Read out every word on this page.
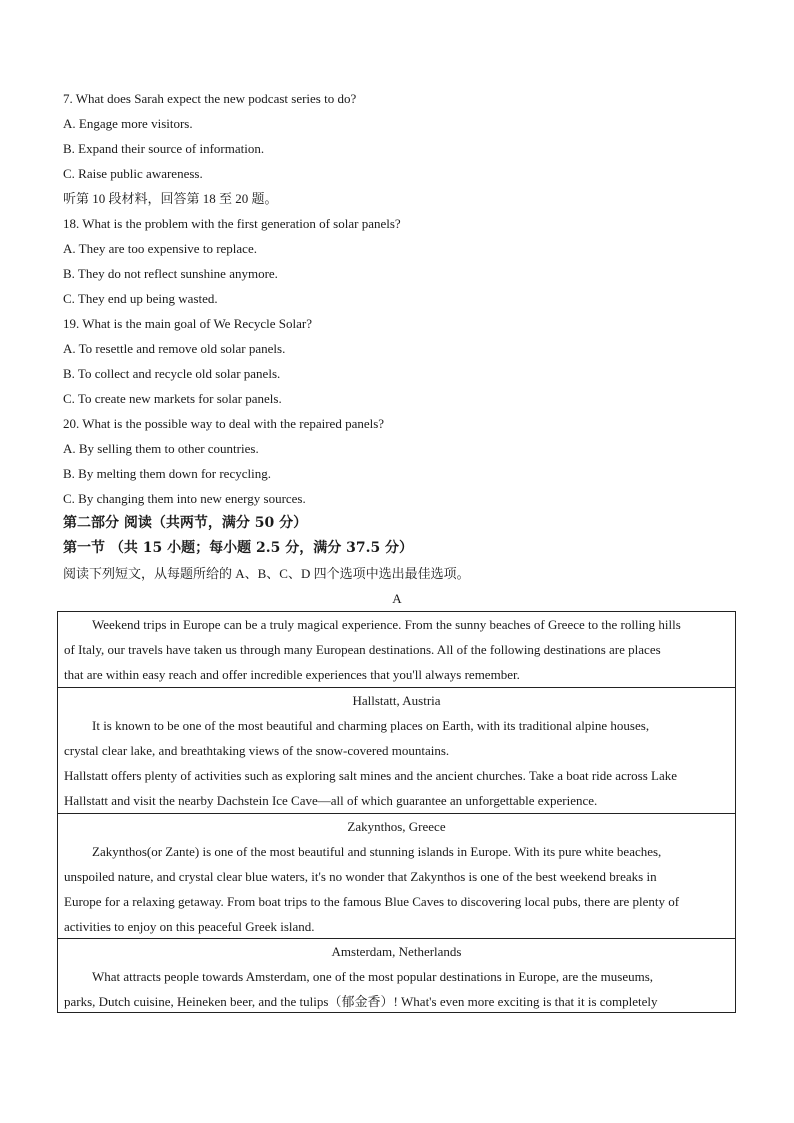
7. What does Sarah expect the new podcast series to do?
A. Engage more visitors.
B. Expand their source of information.
C. Raise public awareness.
听第 10 段材料，回答第 18 至 20 题。
18. What is the problem with the first generation of solar panels?
A. They are too expensive to replace.
B. They do not reflect sunshine anymore.
C. They end up being wasted.
19. What is the main goal of We Recycle Solar?
A. To resettle and remove old solar panels.
B. To collect and recycle old solar panels.
C. To create new markets for solar panels.
20. What is the possible way to deal with the repaired panels?
A. By selling them to other countries.
B. By melting them down for recycling.
C. By changing them into new energy sources.
第二部分 阅读（共两节，满分 50 分）
第一节 （共 15 小题；每小题 2.5 分，满分 37.5 分）
阅读下列短文，从每题所给的 A、B、C、D 四个选项中选出最佳选项。
A
Weekend trips in Europe can be a truly magical experience. From the sunny beaches of Greece to the rolling hills
of Italy, our travels have taken us through many European destinations. All of the following destinations are places
that are within easy reach and offer incredible experiences that you'll always remember.
Hallstatt, Austria
It is known to be one of the most beautiful and charming places on Earth, with its traditional alpine houses,
crystal clear lake, and breathtaking views of the snow-covered mountains.
Hallstatt offers plenty of activities such as exploring salt mines and the ancient churches. Take a boat ride across Lake
Hallstatt and visit the nearby Dachstein Ice Cave—all of which guarantee an unforgettable experience.
Zakynthos, Greece
Zakynthos(or Zante) is one of the most beautiful and stunning islands in Europe. With its pure white beaches,
unspoiled nature, and crystal clear blue waters, it's no wonder that Zakynthos is one of the best weekend breaks in
Europe for a relaxing getaway. From boat trips to the famous Blue Caves to discovering local pubs, there are plenty of
activities to enjoy on this peaceful Greek island.
Amsterdam, Netherlands
What attracts people towards Amsterdam, one of the most popular destinations in Europe, are the museums,
parks, Dutch cuisine, Heineken beer, and the tulips（郁金香）! What's even more exciting is that it is completely
